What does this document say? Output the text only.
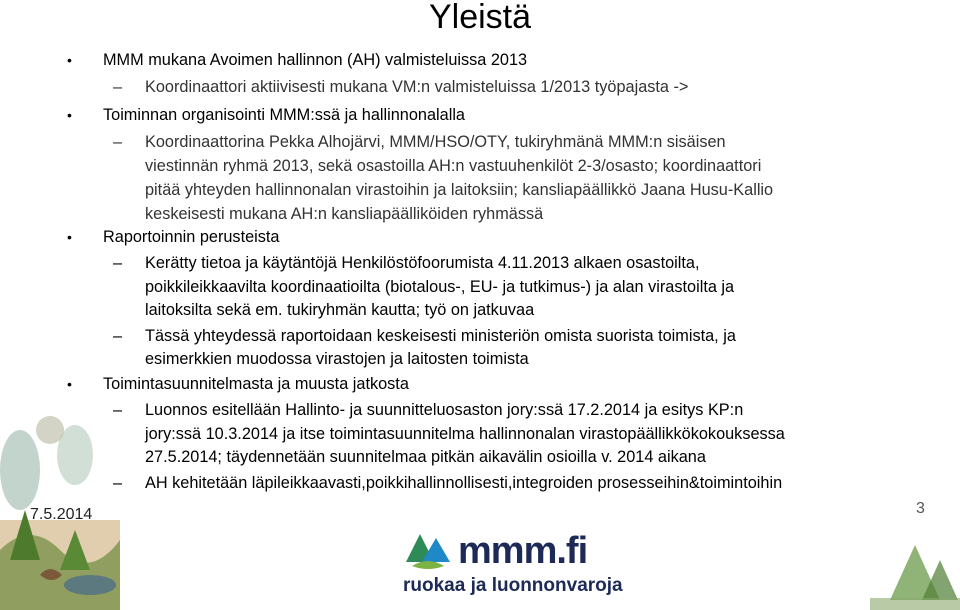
Yleistä
• MMM mukana Avoimen hallinnon (AH) valmisteluissa 2013
– Koordinaattori aktiivisesti mukana VM:n valmisteluissa 1/2013 työpajasta ->
• Toiminnan organisointi MMM:ssä ja hallinnonalalla
– Koordinaattorina Pekka Alhojärvi, MMM/HSO/OTY, tukiryhmänä MMM:n sisäisen
viestinnän ryhmä 2013, sekä osastoilla AH:n vastuuhenkilöt 2-3/osasto; koordinaattori
pitää yhteyden hallinnonalan virastoihin ja laitoksiin; kansliapäällikkö Jaana Husu-Kallio
keskeisesti mukana AH:n kansliapäälliköiden ryhmässä
• Raportoinnin perusteista
– Kerätty tietoa ja käytäntöjä Henkilöstöfoorumista 4.11.2013 alkaen osastoilta,
poikkileikkaavilta koordinaatioilta (biotalous-, EU- ja tutkimus-) ja alan virastoilta ja
laitoksilta sekä em. tukiryhmän kautta; työ on jatkuvaa
– Tässä yhteydessä raportoidaan keskeisesti ministeriön omista suorista toimista, ja
esimerkkien muodossa virastojen ja laitosten toimista
• Toimintasuunnitelmasta ja muusta jatkosta
– Luonnos esitellään Hallinto- ja suunnitteluosaston jory:ssä 17.2.2014 ja esitys KP:n
jory:ssä 10.3.2014 ja itse toimintasuunnitelma hallinnonalan virastopäällikkökokouksessa
27.5.2014; täydennetään suunnitelmaa pitkän aikavälin osioilla v. 2014 aikana
– AH kehitetään läpileikkaavasti,poikkihallinnollisesti,integroiden prosesseihin&toimintoihin
7.5.2014	3
mmm.fi
ruokaa ja luonnonvaroja
